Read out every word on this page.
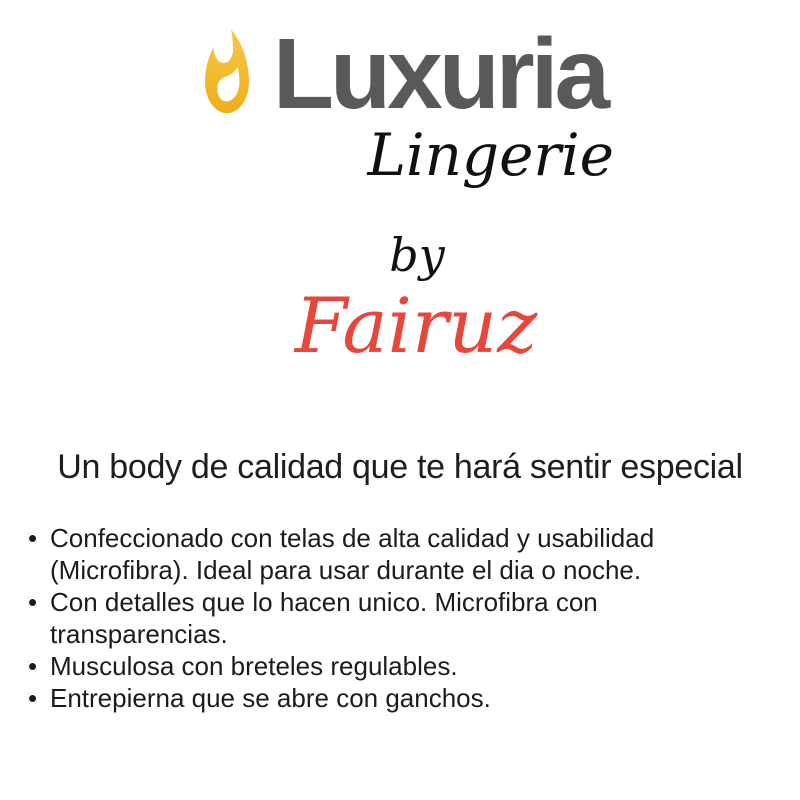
Luxuria
Lingerie
by
Fairuz
Un body de calidad que te hará sentir especial
• Confeccionado con telas de alta calidad y usabilidad (Microfibra). Ideal para usar durante el dia o noche.
• Con detalles que lo hacen unico. Microfibra con transparencias.
• Musculosa con breteles regulables.
• Entrepierna que se abre con ganchos.
